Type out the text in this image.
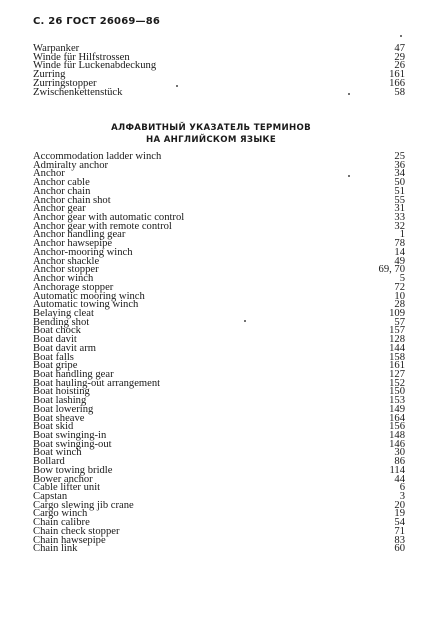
С. 26 ГОСТ 26069—86
Warpanker	47
Winde für Hilfstrossen	29
Winde für Luckenabdeckung	26
Zurring	161
Zurringstopper	166
Zwischenkettenstück	58
АЛФАВИТНЫЙ УКАЗАТЕЛЬ ТЕРМИНОВ
НА АНГЛИЙСКОМ ЯЗЫКЕ
Accommodation ladder winch	25
Admiralty anchor	36
Anchor	34
Anchor cable	50
Anchor chain	51
Anchor chain shot	55
Anchor gear	31
Anchor gear with automatic control	33
Anchor gear with remote control	32
Anchor handling gear	1
Anchor hawsepipe	78
Anchor-mooring winch	14
Anchor shackle	49
Anchor stopper	69, 70
Anchor winch	5
Anchorage stopper	72
Automatic mooring winch	10
Automatic towing winch	28
Belaying cleat	109
Bending shot	57
Boat chock	157
Boat davit	128
Boat davit arm	144
Boat falls	158
Boat gripe	161
Boat handling gear	127
Boat hauling-out arrangement	152
Boat hoisting	150
Boat lashing	153
Boat lowering	149
Boat sheave	164
Boat skid	156
Boat swinging-in	148
Boat swinging-out	146
Boat winch	30
Bollard	86
Bow towing bridle	114
Bower anchor	44
Cable lifter unit	6
Capstan	3
Cargo slewing jib crane	20
Cargo winch	19
Chain calibre	54
Chain check stopper	71
Chain hawsepipe	83
Chain link	60
